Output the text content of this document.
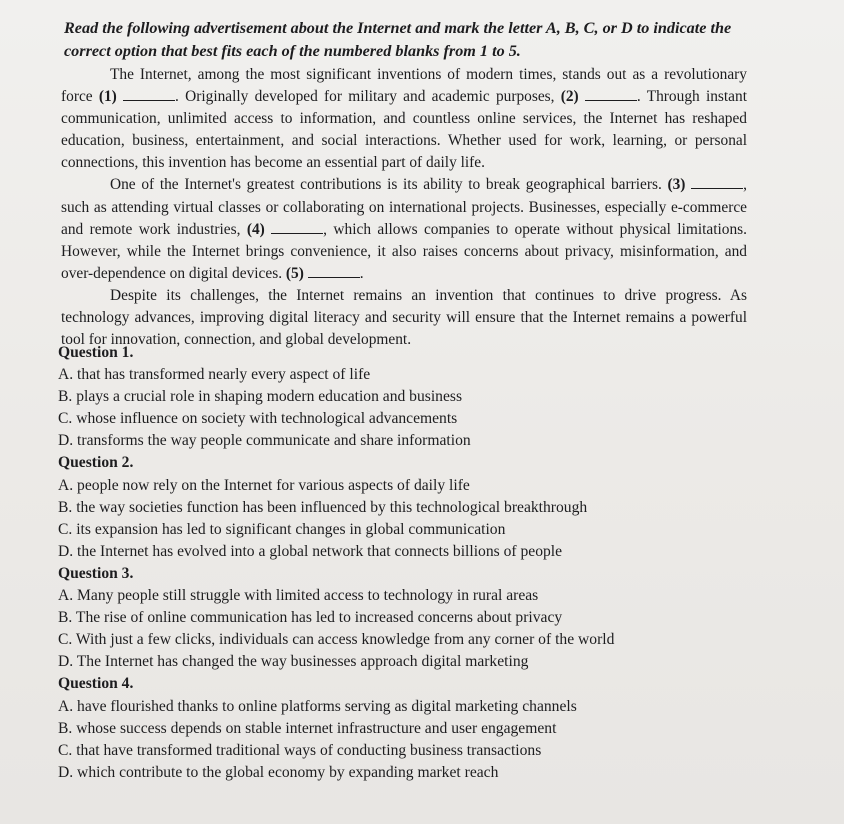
Read the following advertisement about the Internet and mark the letter A, B, C, or D to indicate the correct option that best fits each of the numbered blanks from 1 to 5.

The Internet, among the most significant inventions of modern times, stands out as a revolutionary force (1)	. Originally developed for military and academic purposes, (2)	. Through instant communication, unlimited access to information, and countless online services, the Internet has reshaped education, business, entertainment, and social interactions. Whether used for work, learning, or personal connections, this invention has become an essential part of daily life.

One of the Internet's greatest contributions is its ability to break geographical barriers. (3)	, such as attending virtual classes or collaborating on international projects. Businesses, especially e-commerce and remote work industries, (4)	, which allows companies to operate without physical limitations. However, while the Internet brings convenience, it also raises concerns about privacy, misinformation, and over-dependence on digital devices. (5)	.

Despite its challenges, the Internet remains an invention that continues to drive progress. As technology advances, improving digital literacy and security will ensure that the Internet remains a powerful tool for innovation, connection, and global development.

Question 1.

A. that has transformed nearly every aspect of life

B. plays a crucial role in shaping modern education and business

C. whose influence on society with technological advancements

D. transforms the way people communicate and share information

Question 2.

A. people now rely on the Internet for various aspects of daily life

B. the way societies function has been influenced by this technological breakthrough

C. its expansion has led to significant changes in global communication

D. the Internet has evolved into a global network that connects billions of people

Question 3.

A. Many people still struggle with limited access to technology in rural areas

B. The rise of online communication has led to increased concerns about privacy

C. With just a few clicks, individuals can access knowledge from any corner of the world

D. The Internet has changed the way businesses approach digital marketing

Question 4.

A. have flourished thanks to online platforms serving as digital marketing channels

B. whose success depends on stable internet infrastructure and user engagement

C. that have transformed traditional ways of conducting business transactions

D. which contribute to the global economy by expanding market reach
